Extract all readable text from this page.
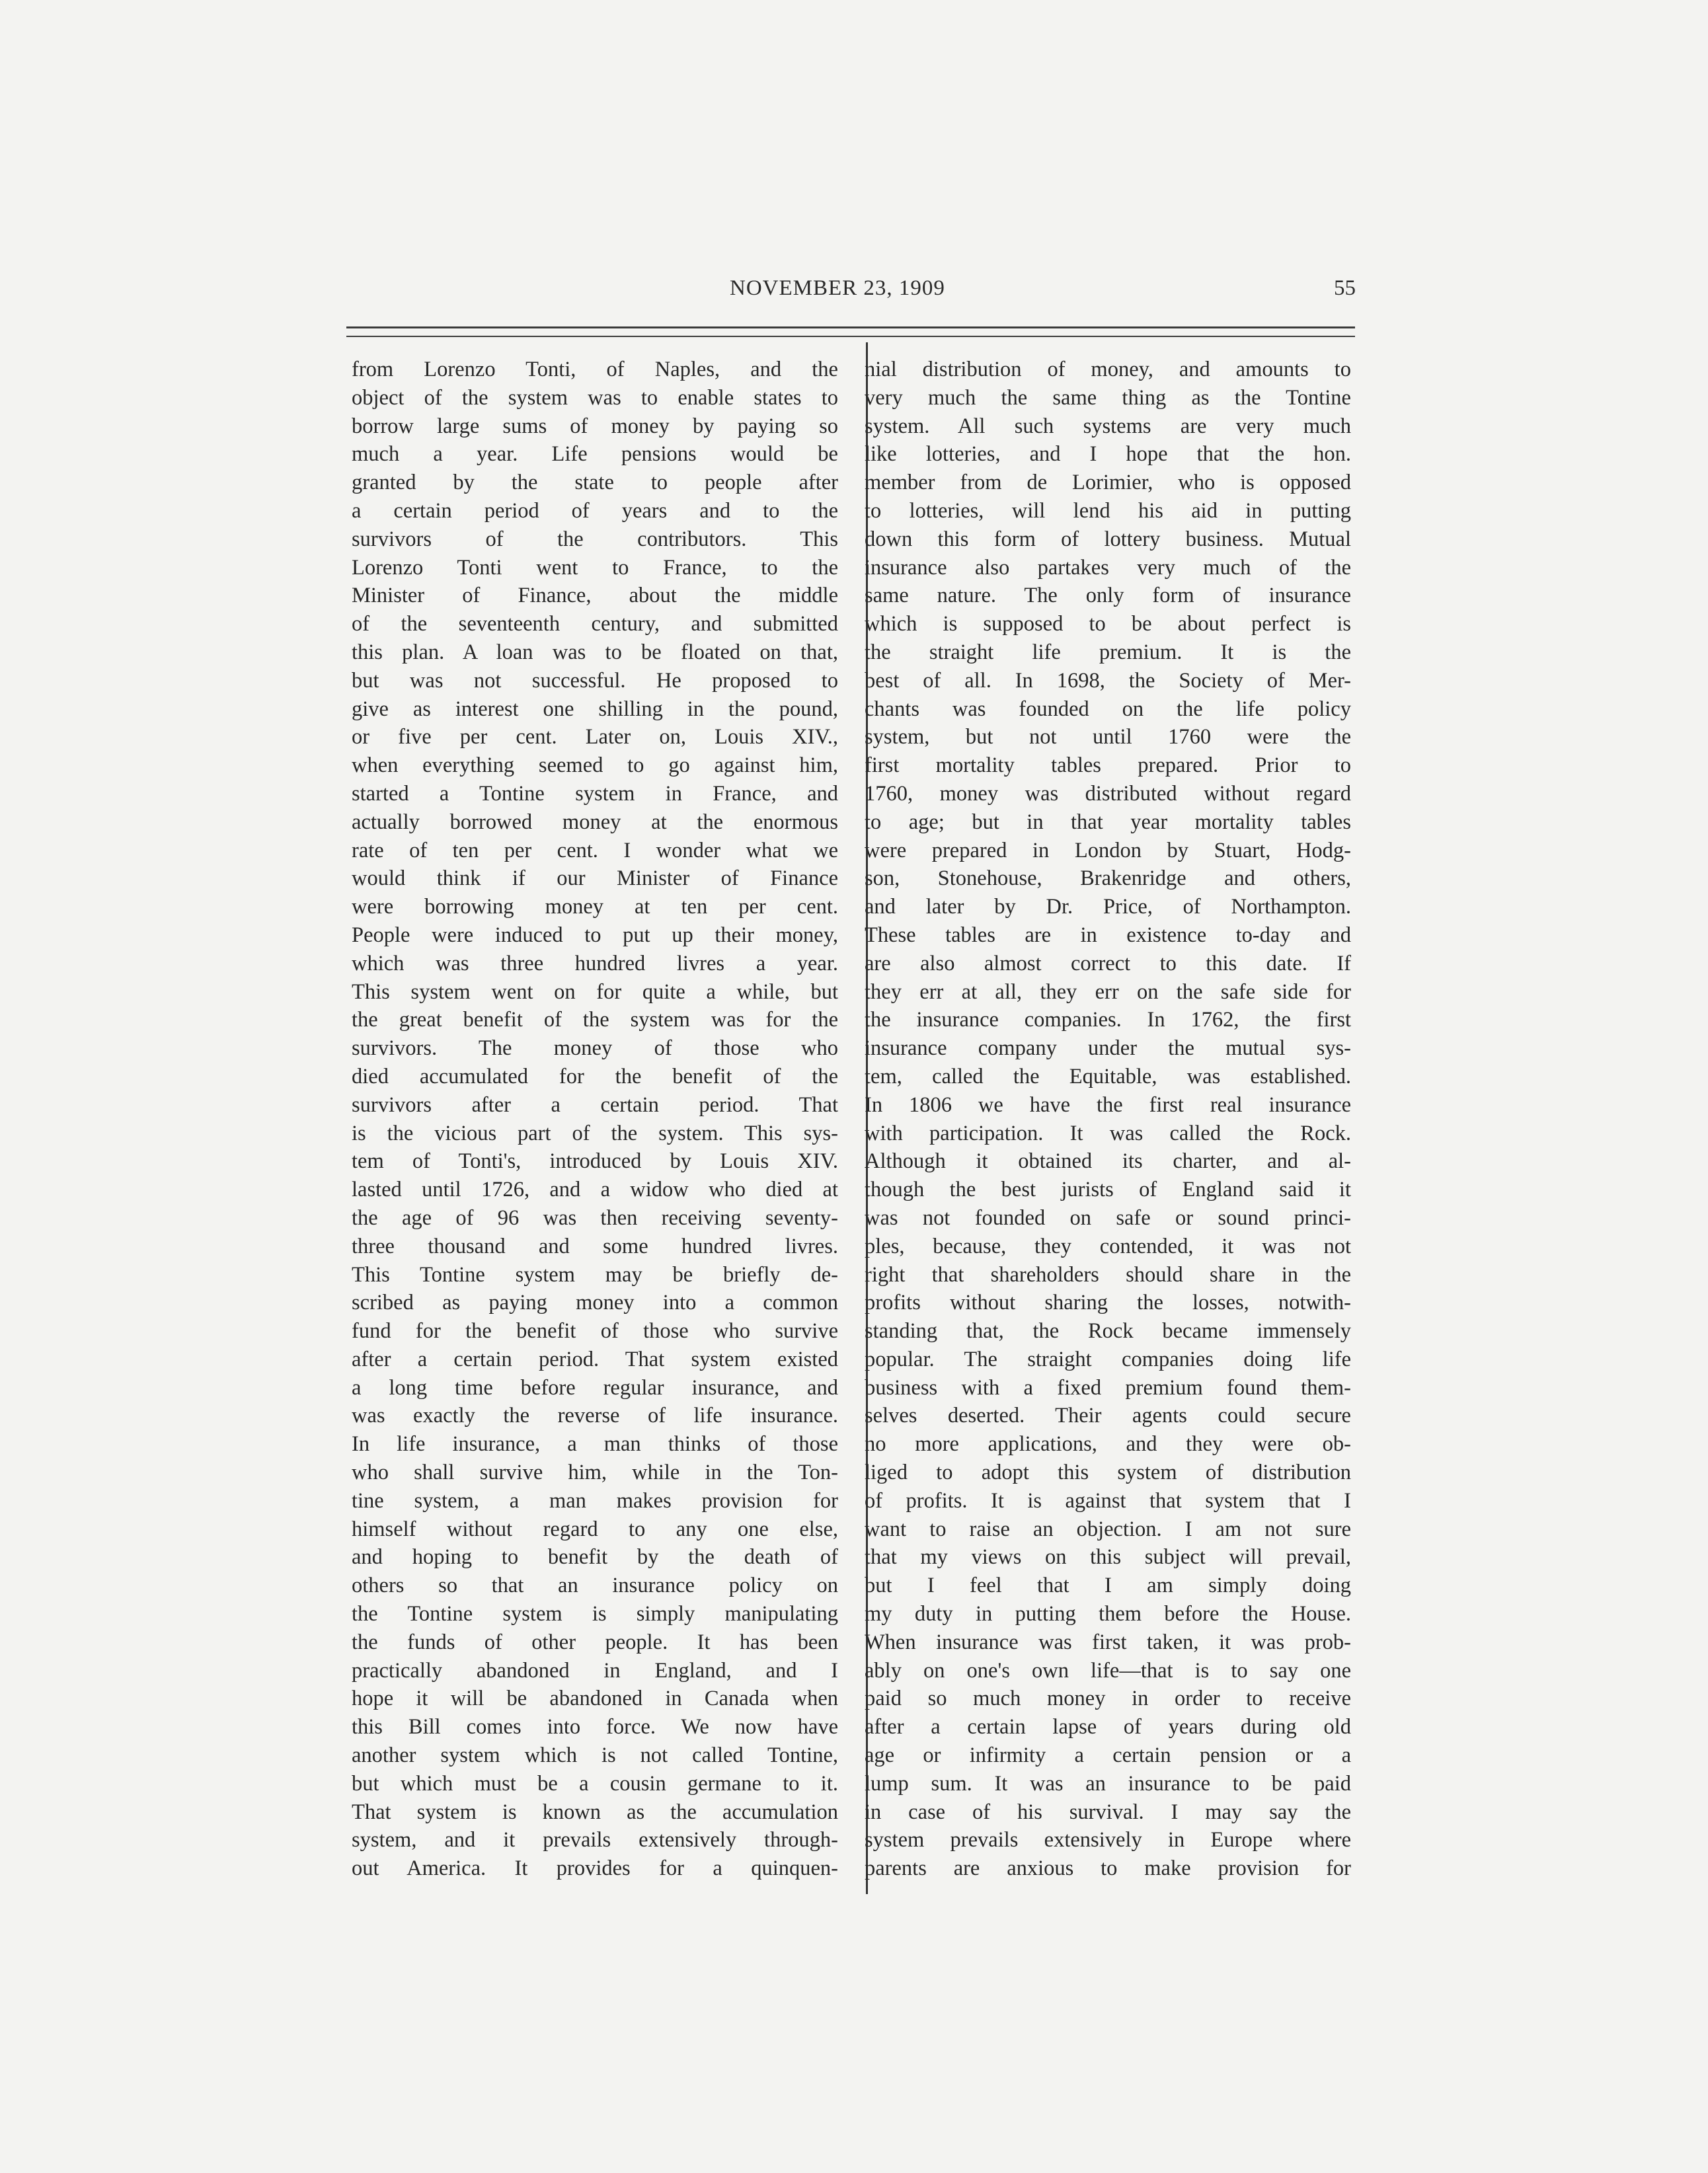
NOVEMBER 23, 1909	55
from Lorenzo Tonti, of Naples, and the
object of the system was to enable states to
borrow large sums of money by paying so
much a year. Life pensions would be
granted by the state to people after
a certain period of years and to the
survivors of the contributors. This
Lorenzo Tonti went to France, to the
Minister of Finance, about the middle
of the seventeenth century, and submitted
this plan. A loan was to be floated on that,
but was not successful. He proposed to
give as interest one shilling in the pound,
or five per cent. Later on, Louis XIV.,
when everything seemed to go against him,
started a Tontine system in France, and
actually borrowed money at the enormous
rate of ten per cent. I wonder what we
would think if our Minister of Finance
were borrowing money at ten per cent.
People were induced to put up their money,
which was three hundred livres a year.
This system went on for quite a while, but
the great benefit of the system was for the
survivors. The money of those who
died accumulated for the benefit of the
survivors after a certain period. That
is the vicious part of the system. This sys-
tem of Tonti's, introduced by Louis XIV.
lasted until 1726, and a widow who died at
the age of 96 was then receiving seventy-
three thousand and some hundred livres.
This Tontine system may be briefly de-
scribed as paying money into a common
fund for the benefit of those who survive
after a certain period. That system existed
a long time before regular insurance, and
was exactly the reverse of life insurance.
In life insurance, a man thinks of those
who shall survive him, while in the Ton-
tine system, a man makes provision for
himself without regard to any one else,
and hoping to benefit by the death of
others so that an insurance policy on
the Tontine system is simply manipulating
the funds of other people. It has been
practically abandoned in England, and I
hope it will be abandoned in Canada when
this Bill comes into force. We now have
another system which is not called Tontine,
but which must be a cousin germane to it.
That system is known as the accumulation
system, and it prevails extensively through-
out America. It provides for a quinquen-
nial distribution of money, and amounts to
very much the same thing as the Tontine
system. All such systems are very much
like lotteries, and I hope that the hon.
member from de Lorimier, who is opposed
to lotteries, will lend his aid in putting
down this form of lottery business. Mutual
insurance also partakes very much of the
same nature. The only form of insurance
which is supposed to be about perfect is
the straight life premium. It is the
best of all. In 1698, the Society of Mer-
chants was founded on the life policy
system, but not until 1760 were the
first mortality tables prepared. Prior to
1760, money was distributed without regard
to age; but in that year mortality tables
were prepared in London by Stuart, Hodg-
son, Stonehouse, Brakenridge and others,
and later by Dr. Price, of Northampton.
These tables are in existence to-day and
are also almost correct to this date. If
they err at all, they err on the safe side for
the insurance companies. In 1762, the first
insurance company under the mutual sys-
tem, called the Equitable, was established.
In 1806 we have the first real insurance
with participation. It was called the Rock.
Although it obtained its charter, and al-
though the best jurists of England said it
was not founded on safe or sound princi-
ples, because, they contended, it was not
right that shareholders should share in the
profits without sharing the losses, notwith-
standing that, the Rock became immensely
popular. The straight companies doing life
business with a fixed premium found them-
selves deserted. Their agents could secure
no more applications, and they were ob-
liged to adopt this system of distribution
of profits. It is against that system that I
want to raise an objection. I am not sure
that my views on this subject will prevail,
but I feel that I am simply doing
my duty in putting them before the House.
When insurance was first taken, it was prob-
ably on one's own life—that is to say one
paid so much money in order to receive
after a certain lapse of years during old
age or infirmity a certain pension or a
lump sum. It was an insurance to be paid
in case of his survival. I may say the
system prevails extensively in Europe where
parents are anxious to make provision for
